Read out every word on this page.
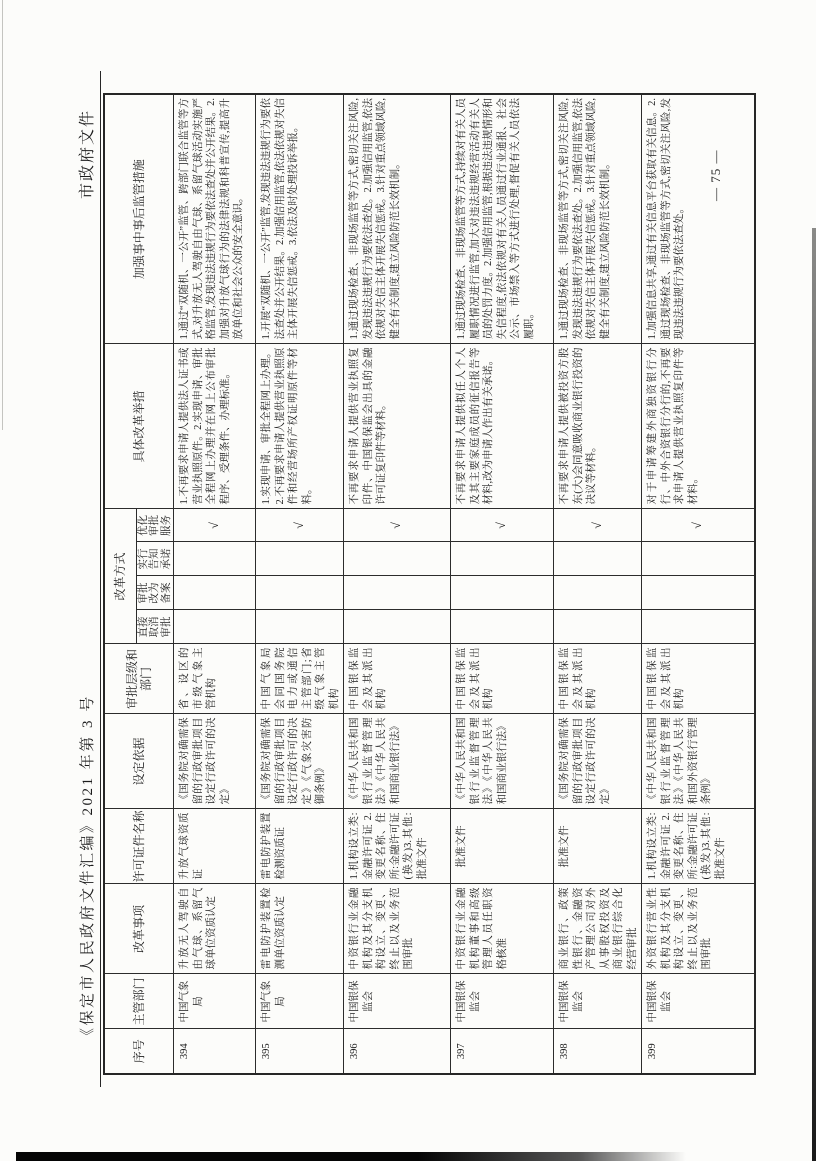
《保定市人民政府文件汇编》2021 年第 3 号
市政府文件
序号	主管部门	改革事项	许可证件名称	设定依据	审批层级和部门	改革方式				具体改革举措	加强事中事后监管措施
						直接取消审批	审批改为备案	实行告知承诺	优化审批服务		
394	中国气象局	升放无人驾驶自由气球、系留气球单位资质认定	升放气球资质证	《国务院对确需保留的行政审批项目设定行政许可的决定》	省、设区的市级气象主管机构				√	1.不再要求申请人提供法人证书或营业执照原件。2.实现申请、审批全程网上办理并在网上公布审批程序、受理条件、办理标准。	1.通过“双随机、一公开”监管、跨部门联合监管等方式,对升放无人驾驶自由气球、系留气球活动实施严格监管,发现违法违规行为要依法查处并公开结果。2.加强对升放气球行为的法律法规和科普宣传,提高升放单位和社会公众的安全意识。
395	中国气象局	雷电防护装置检测单位资质认定	雷电防护装置检测资质证	《国务院对确需保留的行政审批项目设定行政许可的决定》《气象灾害防御条例》	中国气象局会同国务院电力或通信主管部门;省级气象主管机构				√	1.实现申请、审批全程网上办理。2.不再要求申请人提供营业执照原件和经营场所产权证明原件等材料。	1.开展“双随机、一公开”监管,发现违法违规行为要依法查处并公开结果。2.加强信用监管,依法依规对失信主体开展失信惩戒。3.依法及时处理投诉举报。
396	中国银保监会	中资银行业金融机构及其分支机构设立、变更、终止以及业务范围审批	1.机构设立类:金融许可证 2.变更名称、住所:金融许可证(换发)3.其他:批准文件	《中华人民共和国银行业监督管理法》《中华人民共和国商业银行法》	中国银保监会及其派出机构				√	不再要求申请人提供营业执照复印件、中国银保监会出具的金融许可证复印件等材料。	1.通过现场检查、非现场监管等方式,密切关注风险,发现违法违规行为要依法查处。2.加强信用监管,依法依规对失信主体开展失信惩戒。3.针对重点领域风险,健全有关制度,建立风险防范长效机制。
397	中国银保监会	中资银行业金融机构董事和高级管理人员任职资格核准	批准文件	《中华人民共和国银行业监督管理法》《中华人民共和国商业银行法》	中国银保监会及其派出机构				√	不再要求申请人提供拟任人个人及其主要家庭成员的征信报告等材料,改为申请人作出有关承诺。	1.通过现场检查、非现场监管等方式,持续对有关人员履职情况进行监管,加大对违法违规经营活动有关人员的处罚力度。2.加强信用监管,根据违法违规情形和失信程度,依法依规对有关人员通过行业通报、社会公示、市场禁入等方式进行处理,督促有关人员依法履职。
398	中国银保监会	商业银行、政策性银行、金融资产管理公司对外从事股权投资及商业银行综合化经营审批	批准文件	《国务院对确需保留的行政审批项目设定行政许可的决定》	中国银保监会及其派出机构				√	不再要求申请人提供被投资方股东(大)会同意吸收商业银行投资的决议等材料。	1.通过现场检查、非现场监管等方式,密切关注风险,发现违法违规行为要依法查处。2.加强信用监管,依法依规对失信主体开展失信惩戒。3.针对重点领域风险,健全有关制度,建立风险防范长效机制。
399	中国银保监会	外资银行营业性机构及其分支机构设立、变更、终止以及业务范围审批	1.机构设立类:金融许可证 2.变更名称、住所:金融许可证(换发)3.其他:批准文件	《中华人民共和国银行业监督管理法》《中华人民共和国外资银行管理条例》	中国银保监会及其派出机构				√	对于申请筹建外商独资银行分行、中外合资银行分行的,不再要求申请人提供营业执照复印件等材料。	1.加强信息共享,通过有关信息平台获取有关信息。2.通过现场检查、非现场监管等方式,密切关注风险,发现违法违规行为要依法查处。
— 75 —
